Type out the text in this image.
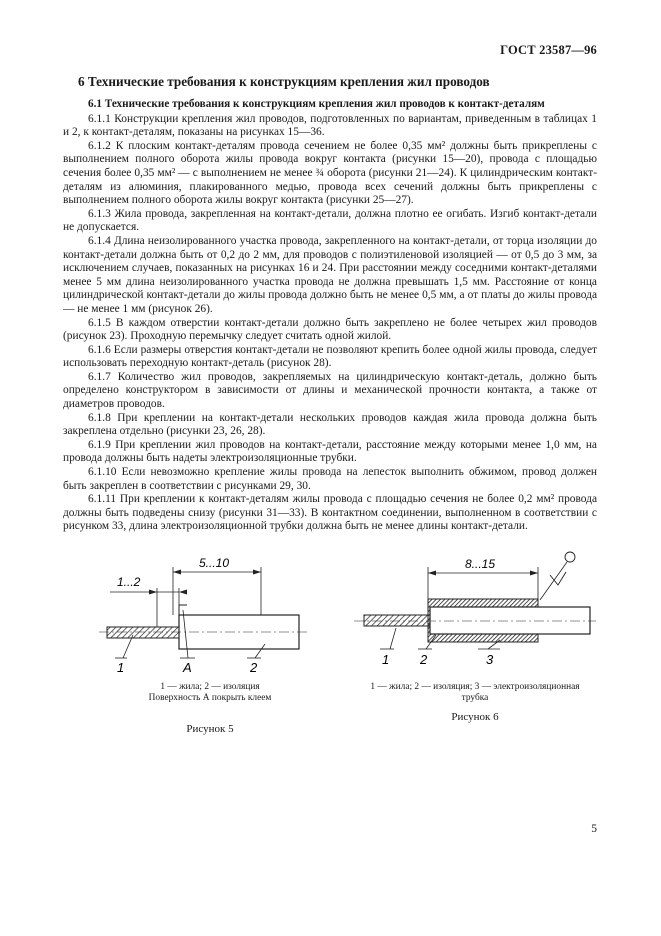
ГОСТ 23587—96
6 Технические требования к конструкциям крепления жил проводов

6.1 Технические требования к конструкциям крепления жил проводов к контакт-деталям

6.1.1 Конструкции крепления жил проводов, подготовленных по вариантам, приведенным в таблицах 1 и 2, к контакт-деталям, показаны на рисунках 15—36.

6.1.2 К плоским контакт-деталям провода сечением не более 0,35 мм² должны быть прикреплены с выполнением полного оборота жилы провода вокруг контакта (рисунки 15—20), провода с площадью сечения более 0,35 мм² — с выполнением не менее ¾ оборота (рисунки 21—24). К цилиндрическим контакт-деталям из алюминия, плакированного медью, провода всех сечений должны быть прикреплены с выполнением полного оборота жилы вокруг контакта (рисунки 25—27).

6.1.3 Жила провода, закрепленная на контакт-детали, должна плотно ее огибать. Изгиб контакт-детали не допускается.

6.1.4 Длина неизолированного участка провода, закрепленного на контакт-детали, от торца изоляции до контакт-детали должна быть от 0,2 до 2 мм, для проводов с полиэтиленовой изоляцией — от 0,5 до 3 мм, за исключением случаев, показанных на рисунках 16 и 24. При расстоянии между соседними контакт-деталями менее 5 мм длина неизолированного участка провода не должна превышать 1,5 мм. Расстояние от конца цилиндрической контакт-детали до жилы провода должно быть не менее 0,5 мм, а от платы до жилы провода — не менее 1 мм (рисунок 26).

6.1.5 В каждом отверстии контакт-детали должно быть закреплено не более четырех жил проводов (рисунок 23). Проходную перемычку следует считать одной жилой.

6.1.6 Если размеры отверстия контакт-детали не позволяют крепить более одной жилы провода, следует использовать переходную контакт-деталь (рисунок 28).

6.1.7 Количество жил проводов, закрепляемых на цилиндрическую контакт-деталь, должно быть определено конструктором в зависимости от длины и механической прочности контакта, а также от диаметров проводов.

6.1.8 При креплении на контакт-детали нескольких проводов каждая жила провода должна быть закреплена отдельно (рисунки 23, 26, 28).

6.1.9 При креплении жил проводов на контакт-детали, расстояние между которыми менее 1,0 мм, на провода должны быть надеты электроизоляционные трубки.

6.1.10 Если невозможно крепление жилы провода на лепесток выполнить обжимом, провод должен быть закреплен в соответствии с рисунками 29, 30.

6.1.11 При креплении к контакт-деталям жилы провода с площадью сечения не более 0,2 мм² провода должны быть подведены снизу (рисунки 31—33). В контактном соединении, выполненном в соответствии с рисунком 33, длина электроизоляционной трубки должна быть не менее длины контакт-детали.

5...10
1...2
1	A	2
1 — жила; 2 — изоляция
Поверхность А покрыть клеем
Рисунок 5
8...15
1 2	3
1 — жила; 2 — изоляция; 3 — электроизоляционная
трубка
Рисунок 6
5
